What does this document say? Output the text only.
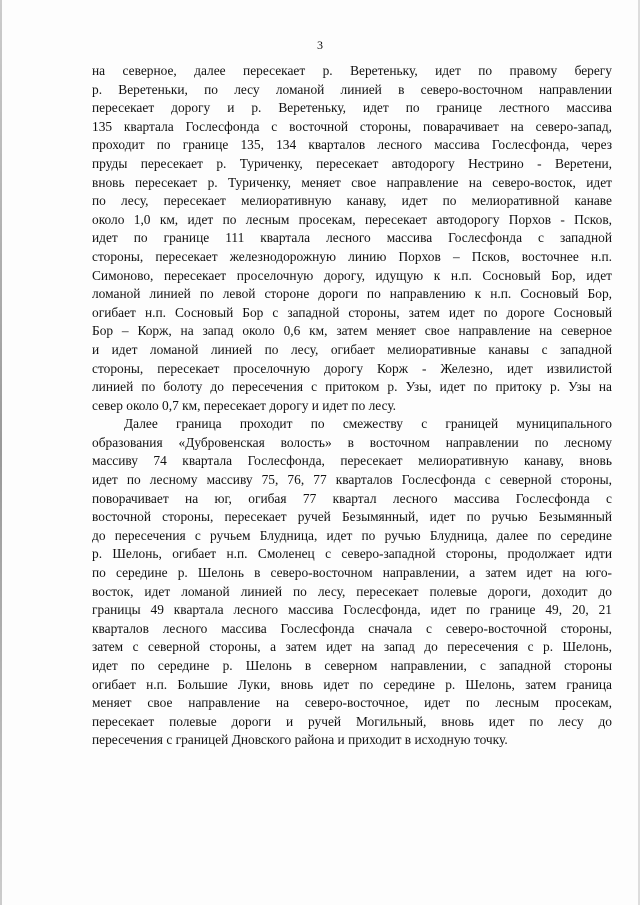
3

на северное, далее пересекает р. Веретеньку, идет по правому берегу
р. Веретеньки, по лесу ломаной линией в северо-восточном направлении
пересекает дорогу и р. Веретеньку, идет по границе лестного массива
135 квартала Гослесфонда с восточной стороны, поварачивает на северо-запад,
проходит по границе 135, 134 кварталов лесного массива Гослесфонда, через
пруды пересекает р. Туриченку, пересекает автодорогу Нестрино - Веретени,
вновь пересекает р. Туриченку, меняет свое направление на северо-восток, идет
по лесу, пересекает мелиоративную канаву, идет по мелиоративной канаве
около 1,0 км, идет по лесным просекам, пересекает автодорогу Порхов - Псков,
идет по границе 111 квартала лесного массива Гослесфонда с западной
стороны, пересекает железнодорожную линию Порхов – Псков, восточнее н.п.
Симоново, пересекает проселочную дорогу, идущую к н.п. Сосновый Бор, идет
ломаной линией по левой стороне дороги по направлению к н.п. Сосновый Бор,
огибает н.п. Сосновый Бор с западной стороны, затем идет по дороге Сосновый
Бор – Корж, на запад около 0,6 км, затем меняет свое направление на северное
и идет ломаной линией по лесу, огибает мелиоративные канавы с западной
стороны, пересекает проселочную дорогу Корж - Железно, идет извилистой
линией по болоту до пересечения с притоком р. Узы, идет по притоку р. Узы на
север около 0,7 км, пересекает дорогу и идет по лесу.

Далее граница проходит по смежеству с границей муниципального
образования «Дубровенская волость» в восточном направлении по лесному
массиву 74 квартала Гослесфонда, пересекает мелиоративную канаву, вновь
идет по лесному массиву 75, 76, 77 кварталов Гослесфонда с северной стороны,
поворачивает на юг, огибая 77 квартал лесного массива Гослесфонда с
восточной стороны, пересекает ручей Безымянный, идет по ручью Безымянный
до пересечения с ручьем Блудница, идет по ручью Блудница, далее по середине
р. Шелонь, огибает н.п. Смоленец с северо-западной стороны, продолжает идти
по середине р. Шелонь в северо-восточном направлении, а затем идет на юго-
восток, идет ломаной линией по лесу, пересекает полевые дороги, доходит до
границы 49 квартала лесного массива Гослесфонда, идет по границе 49, 20, 21
кварталов лесного массива Гослесфонда сначала с северо-восточной стороны,
затем с северной стороны, а затем идет на запад до пересечения с р. Шелонь,
идет по середине р. Шелонь в северном направлении, с западной стороны
огибает н.п. Большие Луки, вновь идет по середине р. Шелонь, затем граница
меняет свое направление на северо-восточное, идет по лесным просекам,
пересекает полевые дороги и ручей Могильный, вновь идет по лесу до
пересечения с границей Дновского района и приходит в исходную точку.
